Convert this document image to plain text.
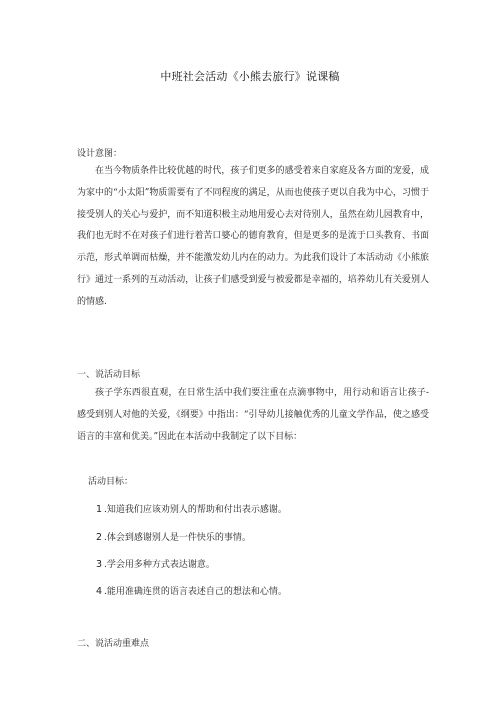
中班社会活动《小熊去旅行》说课稿
设计意图：
在当今物质条件比较优越的时代，孩子们更多的感受着来自家庭及各方面的宠爱，成为家中的“小太阳”物质需要有了不同程度的满足，从而也使孩子更以自我为中心，习惯于接受别人的关心与爱护，而不知道积极主动地用爱心去对待别人，虽然在幼儿园教育中，我们也无时不在对孩子们进行着苦口婆心的德育教育，但是更多的是流于口头教育、书面示范，形式单调而枯燥，并不能激发幼儿内在的动力。为此我们设计了本活动动《小熊旅行》通过一系列的互动活动，让孩子们感受到爱与被爱都是幸福的，培养幼儿有关爱别人的情感.
一、说活动目标
孩子学东西很直观，在日常生活中我们要注重在点滴事物中，用行动和语言让孩子-感受到别人对他的关爱，《纲要》中指出：“引导幼儿接触优秀的儿童文学作品，使之感受语言的丰富和优美。”因此在本活动中我制定了以下目标：
活动目标：
1 .知道我们应该劝别人的帮助和付出表示感谢。
2 .体会到感谢别人是一件快乐的事情。
3 .学会用多种方式表达谢意。
4 .能用准确连贯的语言表述自己的想法和心情。
二、说活动重难点
